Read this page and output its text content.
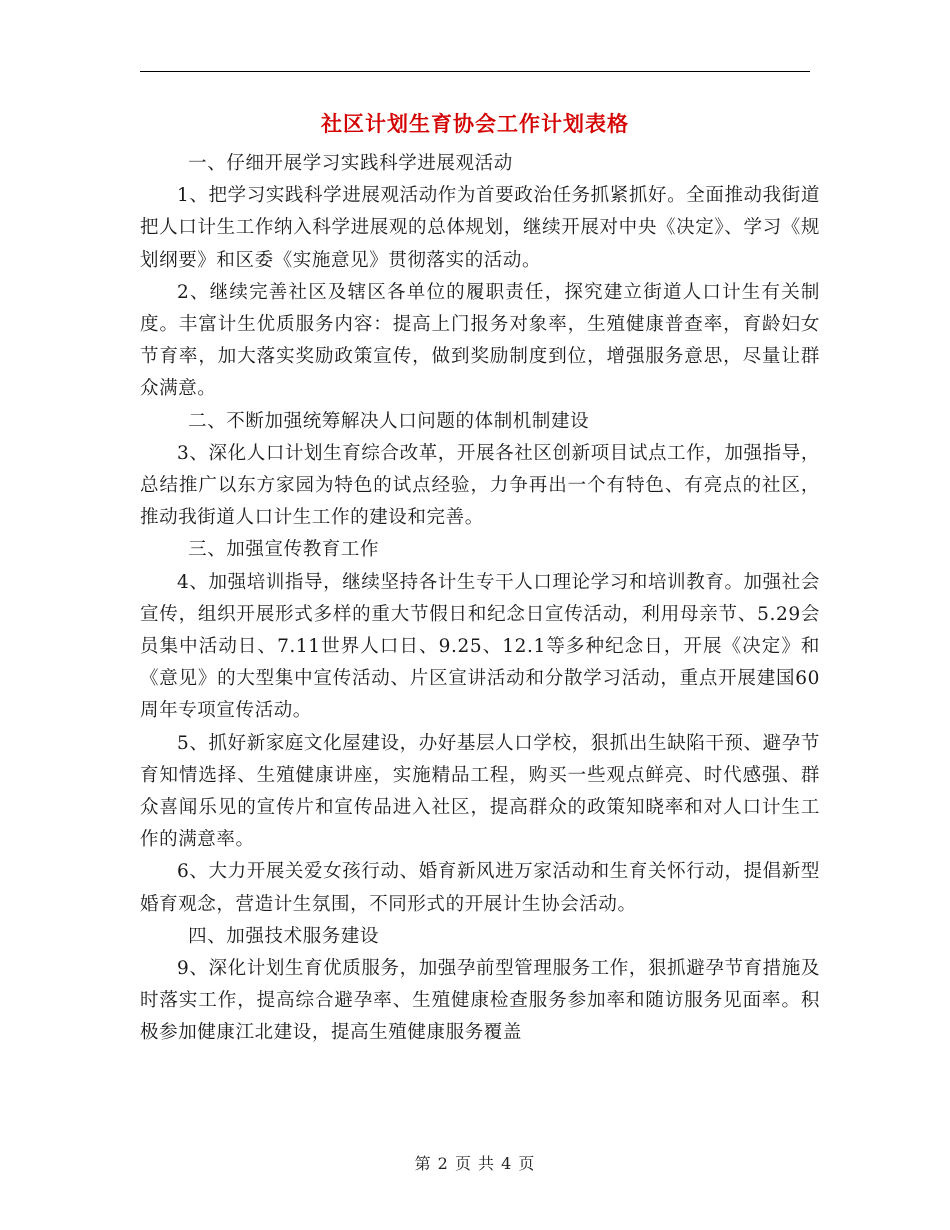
社区计划生育协会工作计划表格

一、仔细开展学习实践科学进展观活动

1、把学习实践科学进展观活动作为首要政治任务抓紧抓好。全面推动我街道把人口计生工作纳入科学进展观的总体规划，继续开展对中央《决定》、学习《规划纲要》和区委《实施意见》贯彻落实的活动。

2、继续完善社区及辖区各单位的履职责任，探究建立街道人口计生有关制度。丰富计生优质服务内容：提高上门报务对象率，生殖健康普查率，育龄妇女节育率，加大落实奖励政策宣传，做到奖励制度到位，增强服务意思，尽量让群众满意。

二、不断加强统筹解决人口问题的体制机制建设

3、深化人口计划生育综合改革，开展各社区创新项目试点工作，加强指导，总结推广以东方家园为特色的试点经验，力争再出一个有特色、有亮点的社区，推动我街道人口计生工作的建设和完善。

三、加强宣传教育工作

4、加强培训指导，继续坚持各计生专干人口理论学习和培训教育。加强社会宣传，组织开展形式多样的重大节假日和纪念日宣传活动，利用母亲节、5.29会员集中活动日、7.11世界人口日、9.25、12.1等多种纪念日，开展《决定》和《意见》的大型集中宣传活动、片区宣讲活动和分散学习活动，重点开展建国60周年专项宣传活动。

5、抓好新家庭文化屋建设，办好基层人口学校，狠抓出生缺陷干预、避孕节育知情选择、生殖健康讲座，实施精品工程，购买一些观点鲜亮、时代感强、群众喜闻乐见的宣传片和宣传品进入社区，提高群众的政策知晓率和对人口计生工作的满意率。

6、大力开展关爱女孩行动、婚育新风进万家活动和生育关怀行动，提倡新型婚育观念，营造计生氛围，不同形式的开展计生协会活动。

四、加强技术服务建设

9、深化计划生育优质服务，加强孕前型管理服务工作，狠抓避孕节育措施及时落实工作，提高综合避孕率、生殖健康检查服务参加率和随访服务见面率。积极参加健康江北建设，提高生殖健康服务覆盖

第 2 页 共 4 页
